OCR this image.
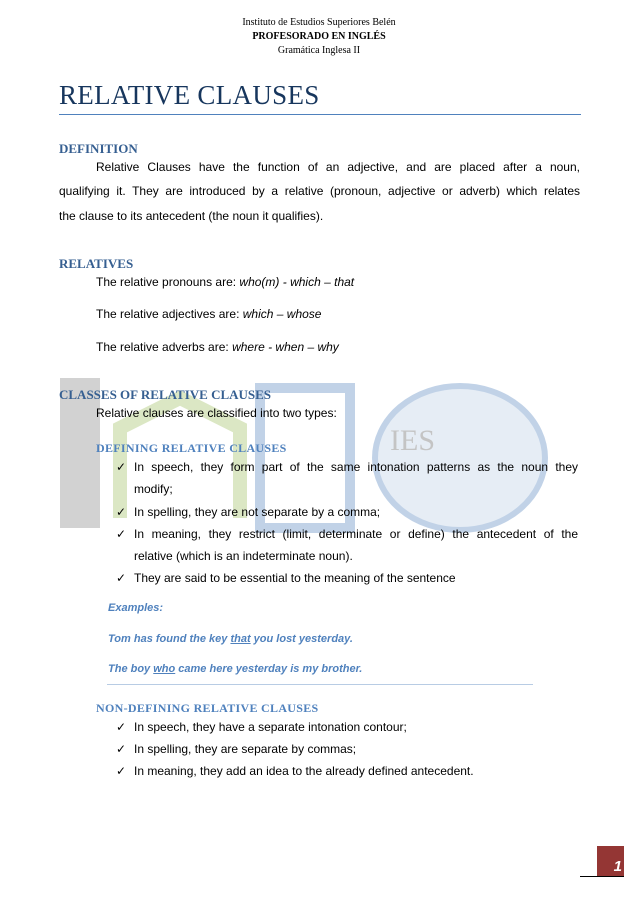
Instituto de Estudios Superiores Belén
PROFESORADO EN INGLÉS
Gramática Inglesa II
RELATIVE CLAUSES
IES
DEFINITION
Relative Clauses have the function of an adjective, and are placed after a noun,
qualifying it. They are introduced by a relative (pronoun, adjective or adverb) which relates
the clause to its antecedent (the noun it qualifies).
RELATIVES
The relative pronouns are: who(m) - which – that
The relative adjectives are: which – whose
The relative adverbs are: where - when – why
CLASSES OF RELATIVE CLAUSES
Relative clauses are classified into two types:
DEFINING RELATIVE CLAUSES
✓ In speech, they form part of the same intonation patterns as the noun they
modify;
✓ In spelling, they are not separate by a comma;
✓ In meaning, they restrict (limit, determinate or define) the antecedent of the
relative (which is an indeterminate noun).
✓ They are said to be essential to the meaning of the sentence
Examples:
Tom has found the key that you lost yesterday.
The boy who came here yesterday is my brother.
NON-DEFINING RELATIVE CLAUSES
✓ In speech, they have a separate intonation contour;
✓ In spelling, they are separate by commas;
✓ In meaning, they add an idea to the already defined antecedent.
1
